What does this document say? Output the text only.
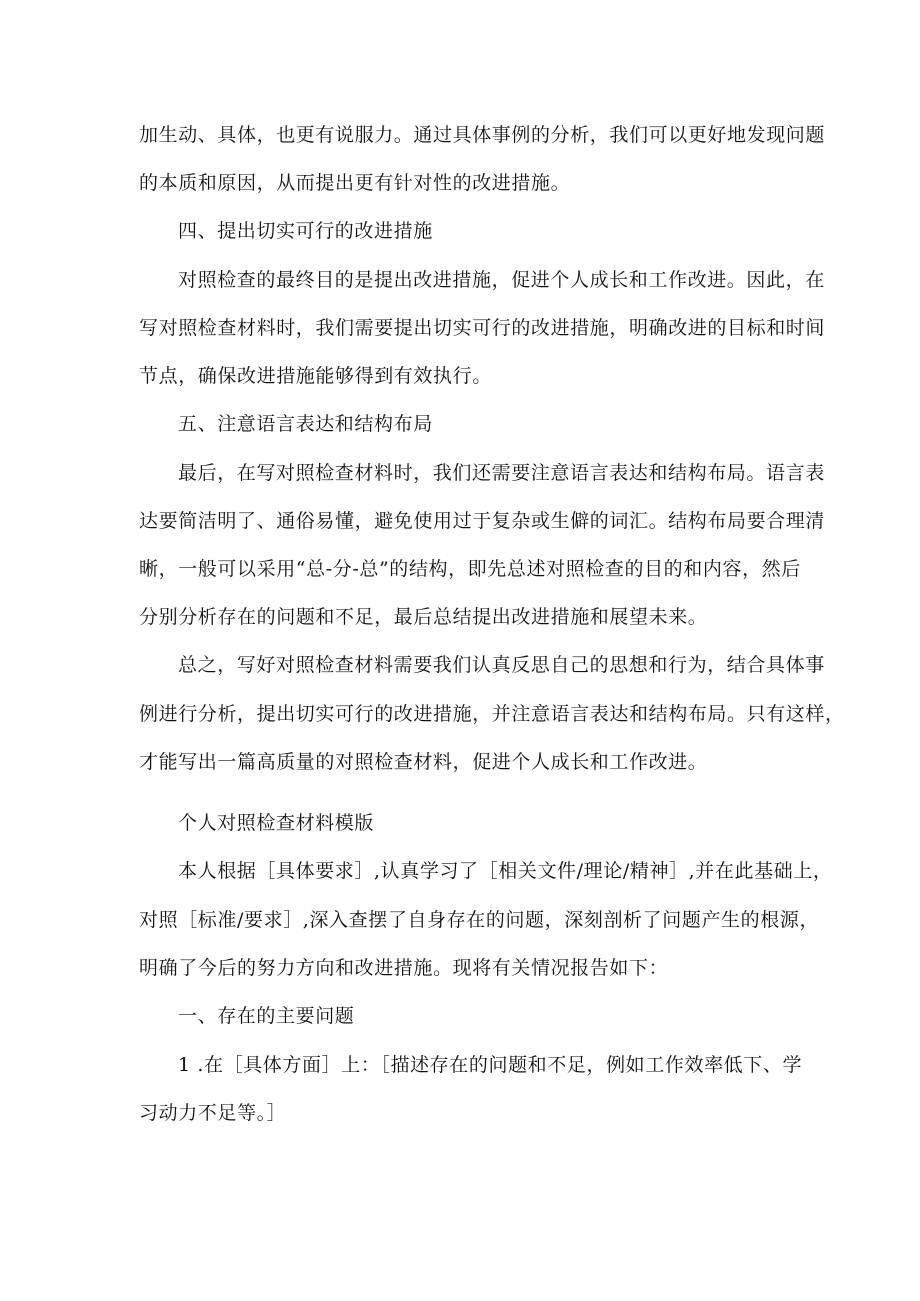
加生动、具体，也更有说服力。通过具体事例的分析，我们可以更好地发现问题
的本质和原因，从而提出更有针对性的改进措施。
四、提出切实可行的改进措施
对照检查的最终目的是提出改进措施，促进个人成长和工作改进。因此，在
写对照检查材料时，我们需要提出切实可行的改进措施，明确改进的目标和时间
节点，确保改进措施能够得到有效执行。
五、注意语言表达和结构布局
最后，在写对照检查材料时，我们还需要注意语言表达和结构布局。语言表
达要简洁明了、通俗易懂，避免使用过于复杂或生僻的词汇。结构布局要合理清
晰，一般可以采用“总-分-总”的结构，即先总述对照检查的目的和内容，然后
分别分析存在的问题和不足，最后总结提出改进措施和展望未来。
总之，写好对照检查材料需要我们认真反思自己的思想和行为，结合具体事
例进行分析，提出切实可行的改进措施，并注意语言表达和结构布局。只有这样，
才能写出一篇高质量的对照检查材料，促进个人成长和工作改进。
个人对照检查材料模版
本人根据［具体要求］,认真学习了［相关文件/理论/精神］,并在此基础上，
对照［标准/要求］,深入查摆了自身存在的问题，深刻剖析了问题产生的根源，
明确了今后的努力方向和改进措施。现将有关情况报告如下：
一、存在的主要问题
1 .在［具体方面］上：［描述存在的问题和不足，例如工作效率低下、学
习动力不足等。］
